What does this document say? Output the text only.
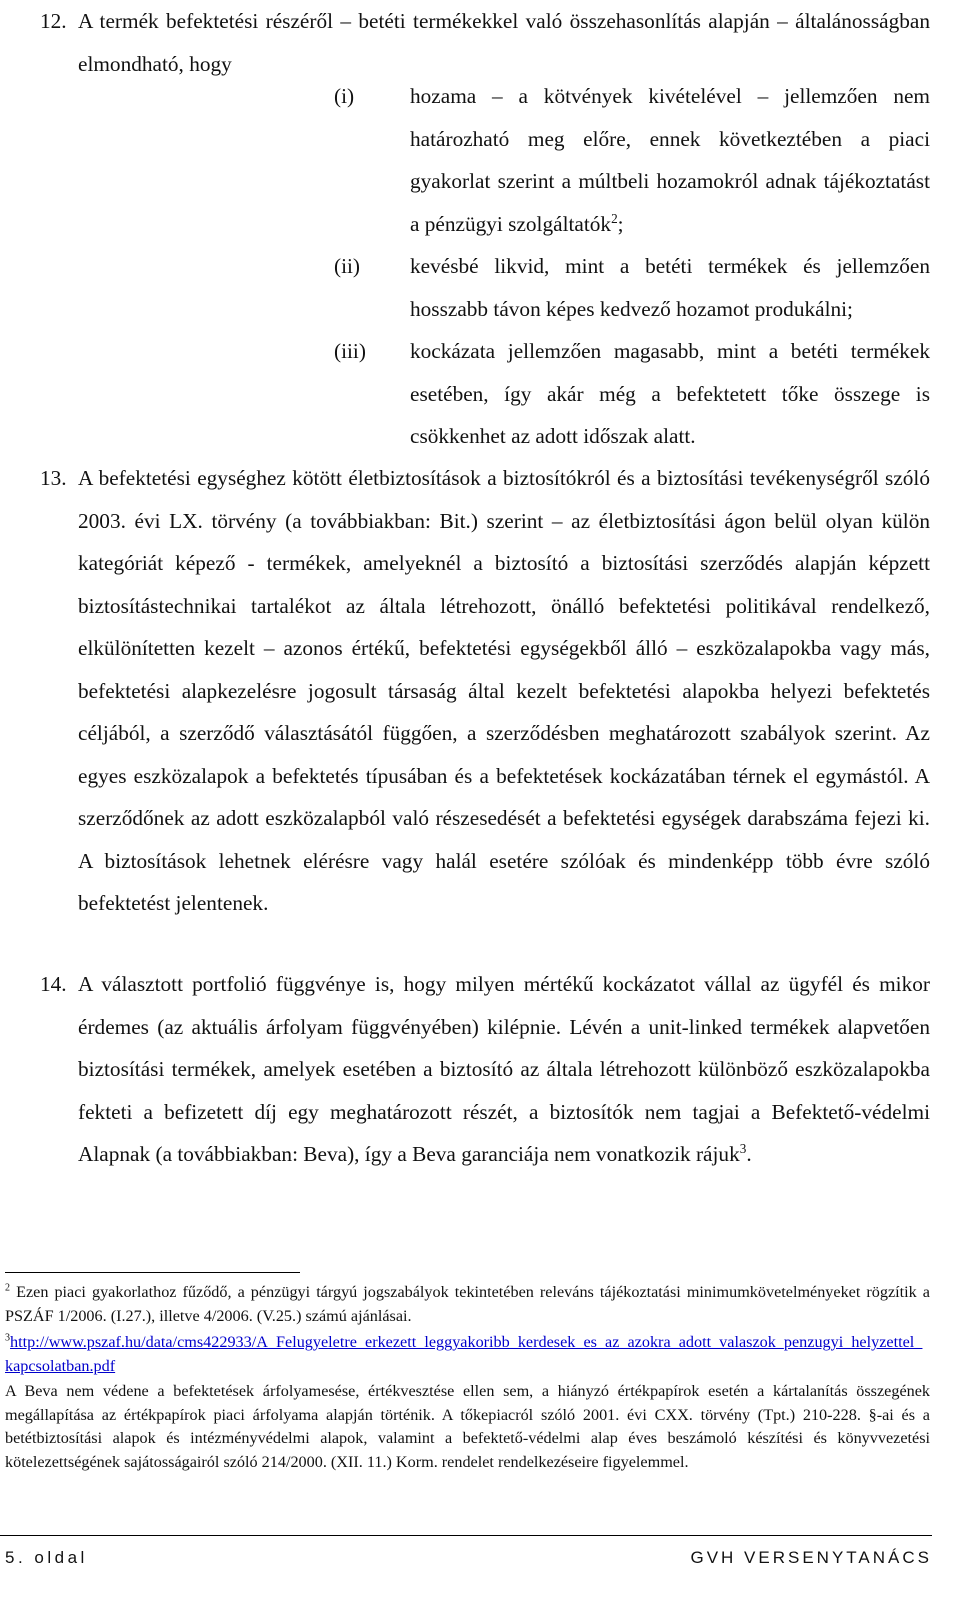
12. A termék befektetési részéről – betéti termékekkel való összehasonlítás alapján – általánosságban elmondható, hogy
(i)	hozama – a kötvények kivételével – jellemzően nem határozható meg előre, ennek következtében a piaci gyakorlat szerint a múltbeli hozamokról adnak tájékoztatást a pénzügyi szolgáltatók$^2$;
(ii)	kevésbé likvid, mint a betéti termékek és jellemzően hosszabb távon képes kedvező hozamot produkálni;
(iii)	kockázata jellemzően magasabb, mint a betéti termékek esetében, így akár még a befektetett tőke összege is csökkenhet az adott időszak alatt.
13. A befektetési egységhez kötött életbiztosítások a biztosítókról és a biztosítási tevékenységről szóló 2003. évi LX. törvény (a továbbiakban: Bit.) szerint – az életbiztosítási ágon belül olyan külön kategóriát képező - termékek, amelyeknél a biztosító a biztosítási szerződés alapján képzett biztosítástechnikai tartalékot az általa létrehozott, önálló befektetési politikával rendelkező, elkülönítetten kezelt – azonos értékű, befektetési egységekből álló – eszközalapokba vagy más, befektetési alapkezelésre jogosult társaság által kezelt befektetési alapokba helyezi befektetés céljából, a szerződő választásától függően, a szerződésben meghatározott szabályok szerint. Az egyes eszközalapok a befektetés típusában és a befektetések kockázatában térnek el egymástól. A szerződőnek az adott eszközalapból való részesedését a befektetési egységek darabszáma fejezi ki. A biztosítások lehetnek elérésre vagy halál esetére szólóak és mindenképp több évre szóló befektetést jelentenek.
14. A választott portfolió függvénye is, hogy milyen mértékű kockázatot vállal az ügyfél és mikor érdemes (az aktuális árfolyam függvényében) kilépnie. Lévén a unit-linked termékek alapvetően biztosítási termékek, amelyek esetében a biztosító az általa létrehozott különböző eszközalapokba fekteti a befizetett díj egy meghatározott részét, a biztosítók nem tagjai a Befektető-védelmi Alapnak (a továbbiakban: Beva), így a Beva garanciája nem vonatkozik rájuk$^3$.
$^2$ Ezen piaci gyakorlathoz fűződő, a pénzügyi tárgyú jogszabályok tekintetében releváns tájékoztatási minimumkövetelményeket rögzítik a PSZÁF 1/2006. (I.27.), illetve 4/2006. (V.25.) számú ajánlásai.
$^3$http://www.pszaf.hu/data/cms422933/A_Felugyeletre_erkezett_leggyakoribb_kerdesek_es_az_azokra_adott_valaszok_penzugyi_helyzettel_kapcsolatban.pdf
A Beva nem védene a befektetések árfolyamesése, értékvesztése ellen sem, a hiányzó értékpapírok esetén a kártalanítás összegének megállapítása az értékpapírok piaci árfolyama alapján történik. A tőkepiacról szóló 2001. évi CXX. törvény (Tpt.) 210-228. §-ai és a betétbiztosítási alapok és intézményvédelmi alapok, valamint a befektető-védelmi alap éves beszámoló készítési és könyvvezetési kötelezettségének sajátosságairól szóló 214/2000. (XII. 11.) Korm. rendelet rendelkezéseire figyelemmel.
5. oldal	GVH VERSENYTANÁCS
